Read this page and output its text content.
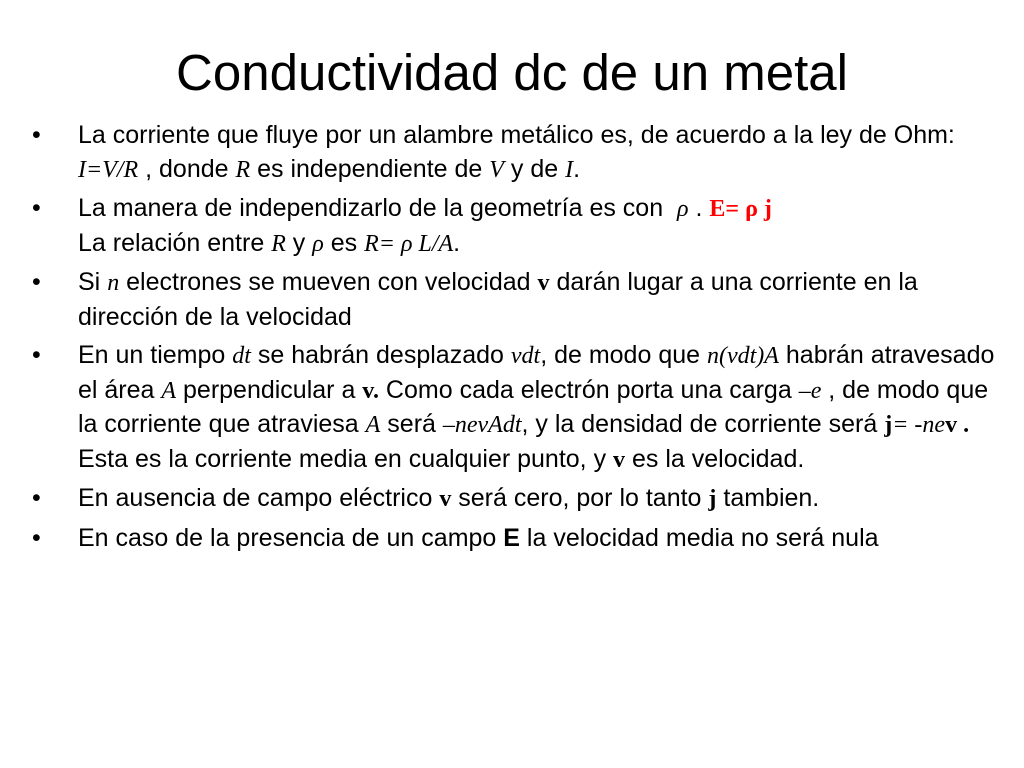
Conductividad dc de un metal
• La corriente que fluye por un alambre metálico es, de acuerdo a la ley de Ohm: I=V/R , donde R es independiente de V y de I.
• La manera de independizarlo de la geometría es con  ρ . E= ρ j
La relación entre R y ρ es R= ρ L/A.
• Si n electrones se mueven con velocidad v darán lugar a una corriente en la dirección de la velocidad
• En un tiempo dt se habrán desplazado vdt, de modo que n(vdt)A habrán atravesado el área A perpendicular a v. Como cada electrón porta una carga –e , de modo que la corriente que atraviesa A será –nevAdt, y la densidad de corriente será j= -nev . Esta es la corriente media en cualquier punto, y v es la velocidad.
• En ausencia de campo eléctrico v será cero, por lo tanto j tambien.
• En caso de la presencia de un campo E la velocidad media no será nula
